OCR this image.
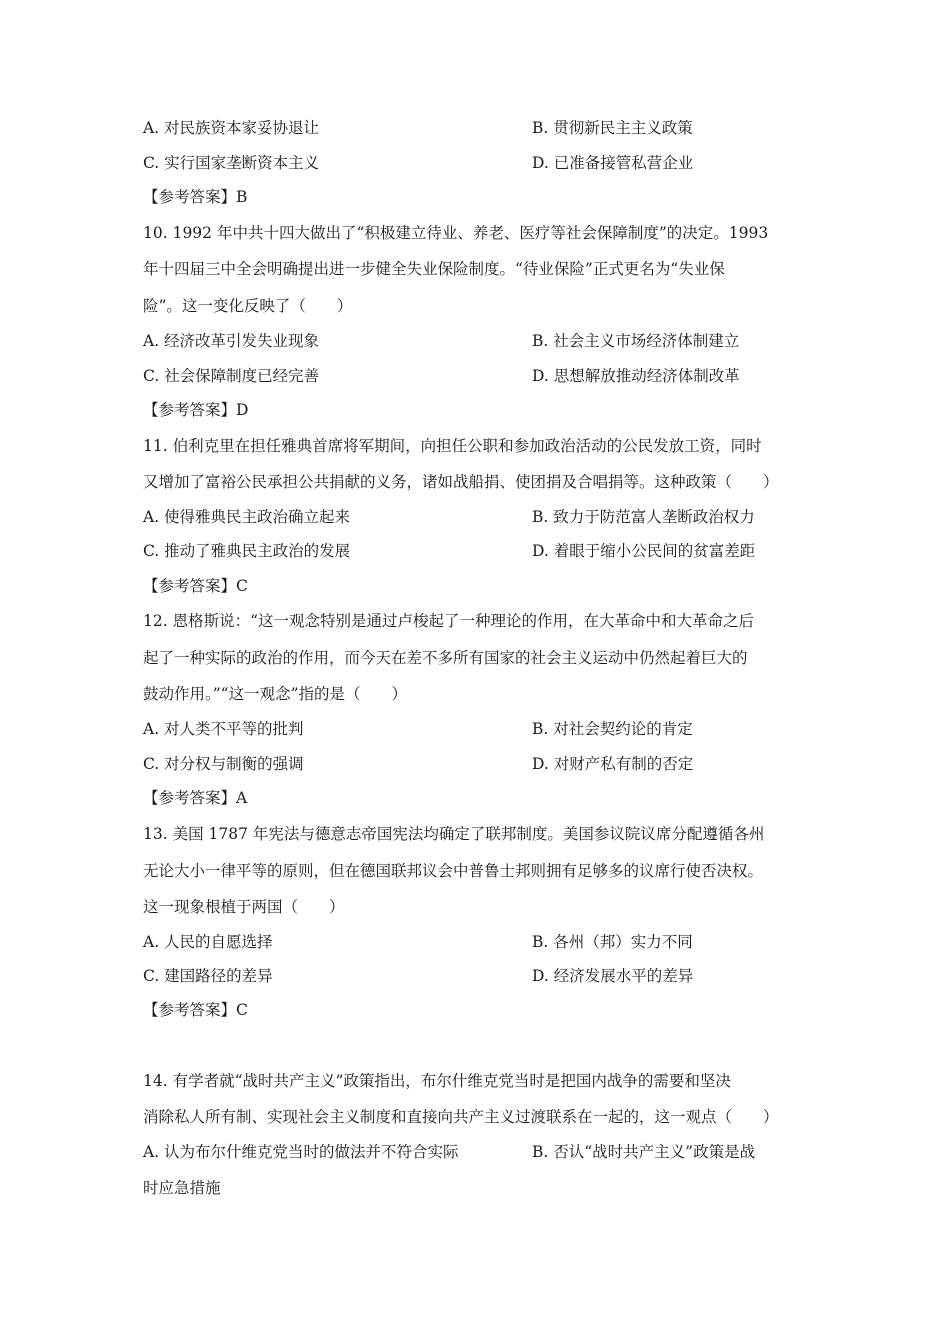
A. 对民族资本家妥协退让	B. 贯彻新民主主义政策
C. 实行国家垄断资本主义	D. 已准备接管私营企业
【参考答案】B
10. 1992 年中共十四大做出了“积极建立待业、养老、医疗等社会保障制度”的决定。1993
年十四届三中全会明确提出进一步健全失业保险制度。“待业保险”正式更名为“失业保
险”。这一变化反映了（　　）
A. 经济改革引发失业现象	B. 社会主义市场经济体制建立
C. 社会保障制度已经完善	D. 思想解放推动经济体制改革
【参考答案】D
11. 伯利克里在担任雅典首席将军期间，向担任公职和参加政治活动的公民发放工资，同时
又增加了富裕公民承担公共捐献的义务，诸如战船捐、使团捐及合唱捐等。这种政策（　　）
A. 使得雅典民主政治确立起来	B. 致力于防范富人垄断政治权力
C. 推动了雅典民主政治的发展	D. 着眼于缩小公民间的贫富差距
【参考答案】C
12. 恩格斯说：“这一观念特别是通过卢梭起了一种理论的作用，在大革命中和大革命之后
起了一种实际的政治的作用，而今天在差不多所有国家的社会主义运动中仍然起着巨大的
鼓动作用。”“这一观念”指的是（　　）
A. 对人类不平等的批判	B. 对社会契约论的肯定
C. 对分权与制衡的强调	D. 对财产私有制的否定
【参考答案】A
13. 美国 1787 年宪法与德意志帝国宪法均确定了联邦制度。美国参议院议席分配遵循各州
无论大小一律平等的原则，但在德国联邦议会中普鲁士邦则拥有足够多的议席行使否决权。
这一现象根植于两国（　　）
A. 人民的自愿选择	B. 各州（邦）实力不同
C. 建国路径的差异	D. 经济发展水平的差异
【参考答案】C
14. 有学者就“战时共产主义”政策指出，布尔什维克党当时是把国内战争的需要和坚决
消除私人所有制、实现社会主义制度和直接向共产主义过渡联系在一起的，这一观点（　　）
A. 认为布尔什维克党当时的做法并不符合实际	B. 否认“战时共产主义”政策是战
时应急措施
